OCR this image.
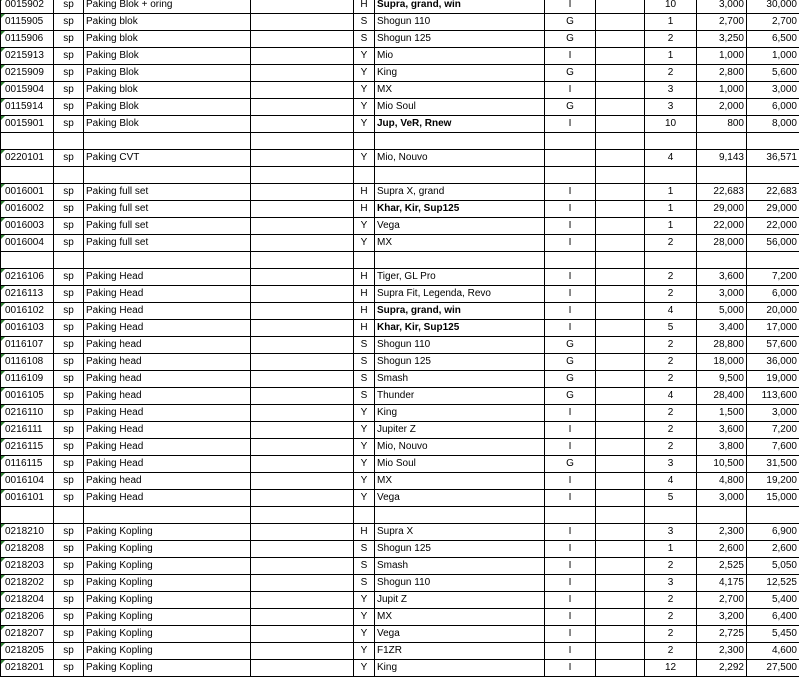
0015902	sp	Paking Blok + oring		H	Supra, grand, win	I		10	3,000	30,000

0115905	sp	Paking blok		S	Shogun 110	G		1	2,700	2,700

0115906	sp	Paking blok		S	Shogun 125	G		2	3,250	6,500

0215913	sp	Paking Blok		Y	Mio	I		1	1,000	1,000

0215909	sp	Paking Blok		Y	King	G		2	2,800	5,600

0015904	sp	Paking blok		Y	MX	I		3	1,000	3,000

0115914	sp	Paking Blok		Y	Mio Soul	G		3	2,000	6,000

0015901	sp	Paking Blok		Y	Jup, VeR, Rnew	I		10	800	8,000

0220101	sp	Paking CVT		Y	Mio, Nouvo			4	9,143	36,571

0016001	sp	Paking full set		H	Supra X, grand	I		1	22,683	22,683

0016002	sp	Paking full set		H	Khar, Kir, Sup125	I		1	29,000	29,000

0016003	sp	Paking full set		Y	Vega	I		1	22,000	22,000

0016004	sp	Paking full set		Y	MX	I		2	28,000	56,000

0216106	sp	Paking Head		H	Tiger, GL Pro	I		2	3,600	7,200

0216113	sp	Paking Head		H	Supra Fit, Legenda, Revo	I		2	3,000	6,000

0016102	sp	Paking Head		H	Supra, grand, win	I		4	5,000	20,000

0016103	sp	Paking Head		H	Khar, Kir, Sup125	I		5	3,400	17,000

0116107	sp	Paking head		S	Shogun 110	G		2	28,800	57,600

0116108	sp	Paking head		S	Shogun 125	G		2	18,000	36,000

0116109	sp	Paking head		S	Smash	G		2	9,500	19,000

0016105	sp	Paking head		S	Thunder	G		4	28,400	113,600

0216110	sp	Paking Head		Y	King	I		2	1,500	3,000

0216111	sp	Paking Head		Y	Jupiter Z	I		2	3,600	7,200

0216115	sp	Paking Head		Y	Mio, Nouvo	I		2	3,800	7,600

0116115	sp	Paking Head		Y	Mio Soul	G		3	10,500	31,500

0016104	sp	Paking head		Y	MX	I		4	4,800	19,200

0016101	sp	Paking Head		Y	Vega	I		5	3,000	15,000

0218210	sp	Paking Kopling		H	Supra X	I		3	2,300	6,900

0218208	sp	Paking Kopling		S	Shogun 125	I		1	2,600	2,600

0218203	sp	Paking Kopling		S	Smash	I		2	2,525	5,050

0218202	sp	Paking Kopling		S	Shogun 110	I		3	4,175	12,525

0218204	sp	Paking Kopling		Y	Jupit Z	I		2	2,700	5,400

0218206	sp	Paking Kopling		Y	MX	I		2	3,200	6,400

0218207	sp	Paking Kopling		Y	Vega	I		2	2,725	5,450

0218205	sp	Paking Kopling		Y	F1ZR	I		2	2,300	4,600

0218201	sp	Paking Kopling		Y	King	I		12	2,292	27,500
